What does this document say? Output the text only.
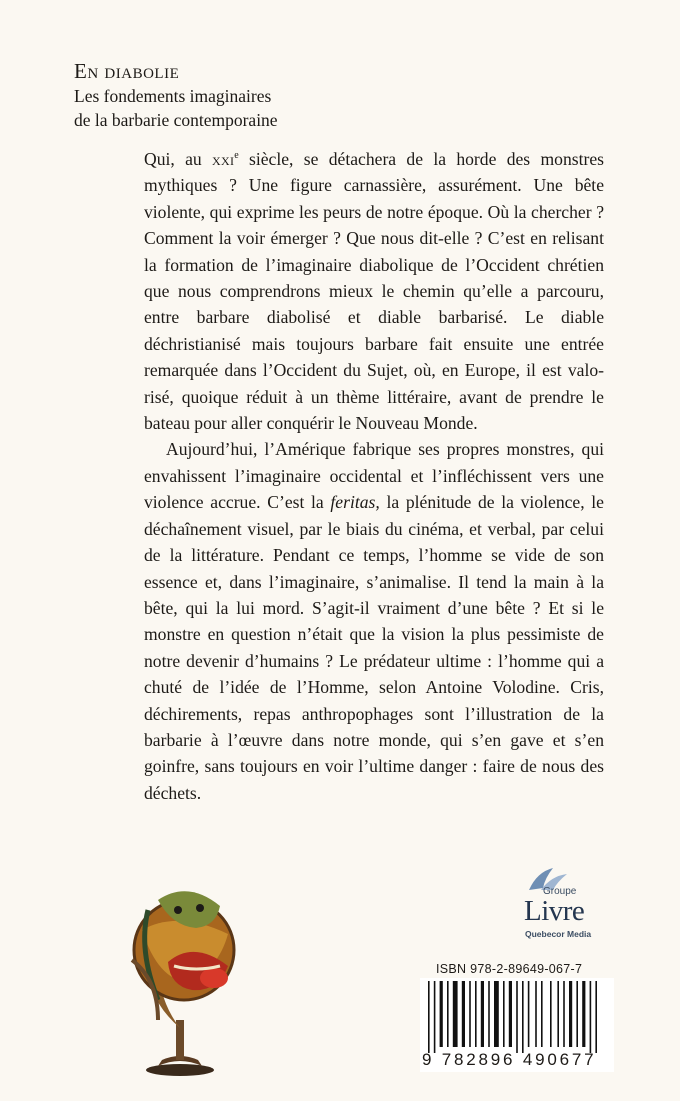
En diabolie

Les fondements imaginaires

de la barbarie contemporaine

Qui, au xxi$^e$ siècle, se détachera de la horde des monstres mythiques ? Une figure carnassière, assurément. Une bête violente, qui exprime les peurs de notre époque. Où la chercher ? Comment la voir émerger ? Que nous dit-elle ? C’est en relisant la formation de l’imaginaire diabolique de l’Occident chrétien que nous comprendrons mieux le chemin qu’elle a parcouru, entre barbare diabolisé et diable barbarisé. Le diable déchristianisé mais toujours barbare fait ensuite une entrée remarquée dans l’Occident du Sujet, où, en Europe, il est valorisé, quoique réduit à un thème littéraire, avant de prendre le bateau pour aller conquérir le Nouveau Monde.

Aujourd’hui, l’Amérique fabrique ses propres monstres, qui envahissent l’imaginaire occidental et l’infléchissent vers une violence accrue. C’est la feritas, la plénitude de la violence, le déchaînement visuel, par le biais du cinéma, et verbal, par celui de la littérature. Pendant ce temps, l’homme se vide de son essence et, dans l’imaginaire, s’animalise. Il tend la main à la bête, qui la lui mord. S’agit-il vraiment d’une bête ? Et si le monstre en question n’était que la vision la plus pessimiste de notre devenir d’humains ? Le prédateur ultime : l’homme qui a chuté de l’idée de l’Homme, selon Antoine Volodine. Cris, déchirements, repas anthropophages sont l’illustration de la barbarie à l’œuvre dans notre monde, qui s’en gave et s’en goinfre, sans toujours en voir l’ultime danger : faire de nous des déchets.

Groupe
Livre
Quebecor Media
ISBN 978-2-89649-067-7
9 782896 490677
